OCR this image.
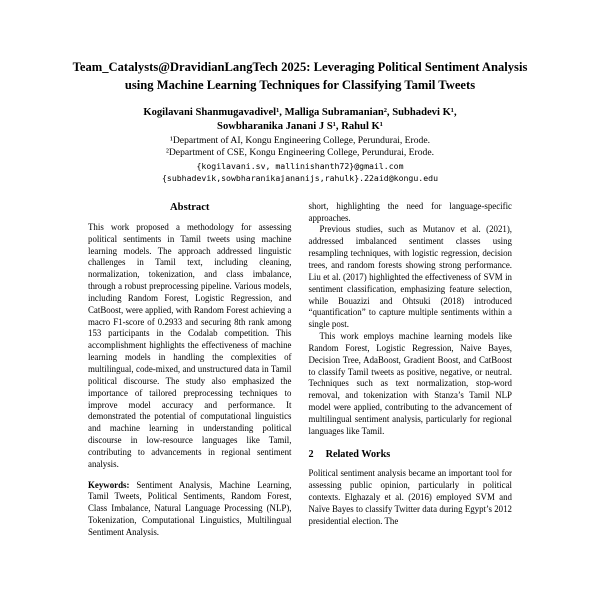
Team_Catalysts@DravidianLangTech 2025: Leveraging Political Sentiment Analysis using Machine Learning Techniques for Classifying Tamil Tweets
Kogilavani Shanmugavadivel¹, Malliga Subramanian², Subhadevi K¹,
Sowbharanika Janani J S¹, Rahul K¹
¹Department of AI, Kongu Engineering College, Perundurai, Erode.
²Department of CSE, Kongu Engineering College, Perundurai, Erode.
{kogilavani.sv, mallinishanth72}@gmail.com
{subhadevik,sowbharanikajananijs,rahulk}.22aid@kongu.edu
Abstract

This work proposed a methodology for assessing political sentiments in Tamil tweets using machine learning models. The approach addressed linguistic challenges in Tamil text, including cleaning, normalization, tokenization, and class imbalance, through a robust preprocessing pipeline. Various models, including Random Forest, Logistic Regression, and CatBoost, were applied, with Random Forest achieving a macro F1-score of 0.2933 and securing 8th rank among 153 participants in the Codalab competition. This accomplishment highlights the effectiveness of machine learning models in handling the complexities of multilingual, code-mixed, and unstructured data in Tamil political discourse. The study also emphasized the importance of tailored preprocessing techniques to improve model accuracy and performance. It demonstrated the potential of computational linguistics and machine learning in understanding political discourse in low-resource languages like Tamil, contributing to advancements in regional sentiment analysis.

Keywords: Sentiment Analysis, Machine Learning, Tamil Tweets, Political Sentiments, Random Forest, Class Imbalance, Natural Language Processing (NLP), Tokenization, Computational Linguistics, Multilingual Sentiment Analysis.

short, highlighting the need for language-specific approaches.

Previous studies, such as Mutanov et al. (2021), addressed imbalanced sentiment classes using resampling techniques, with logistic regression, decision trees, and random forests showing strong performance. Liu et al. (2017) highlighted the effectiveness of SVM in sentiment classification, emphasizing feature selection, while Bouazizi and Ohtsuki (2018) introduced “quantification” to capture multiple sentiments within a single post.

This work employs machine learning models like Random Forest, Logistic Regression, Naive Bayes, Decision Tree, AdaBoost, Gradient Boost, and CatBoost to classify Tamil tweets as positive, negative, or neutral. Techniques such as text normalization, stop-word removal, and tokenization with Stanza’s Tamil NLP model were applied, contributing to the advancement of multilingual sentiment analysis, particularly for regional languages like Tamil.

2 Related Works

Political sentiment analysis became an important tool for assessing public opinion, particularly in political contexts. Elghazaly et al. (2016) employed SVM and Naïve Bayes to classify Twitter data during Egypt’s 2012 presidential election. The
